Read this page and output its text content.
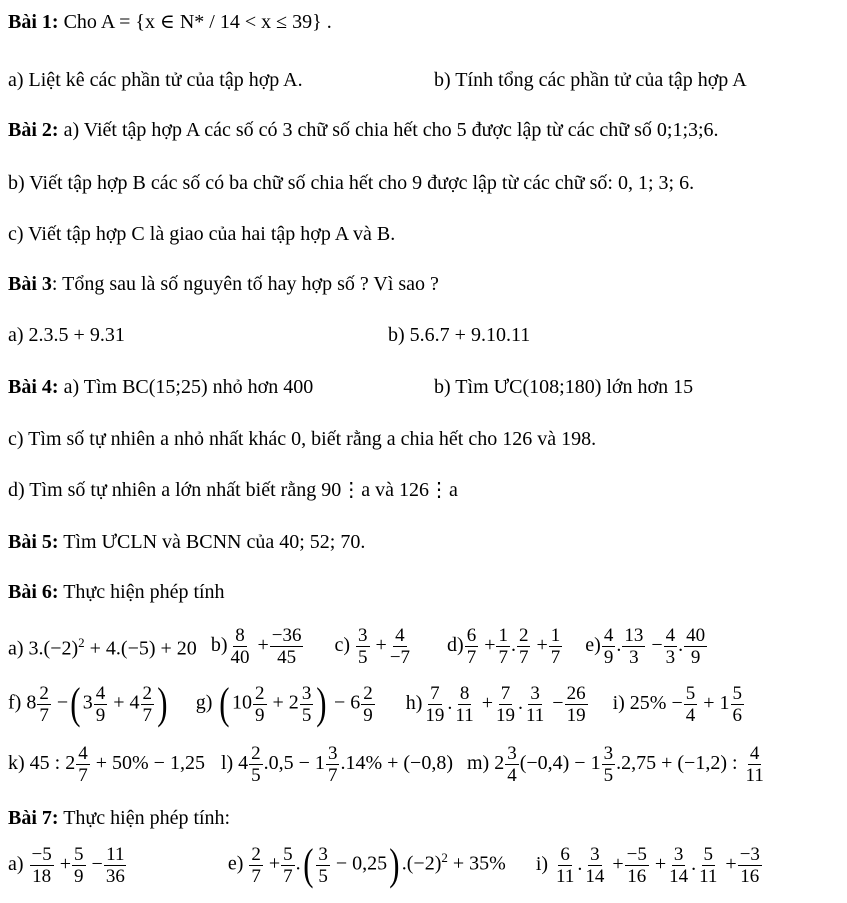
Bài 1: Cho A = {x ∈ N* / 14 < x ≤ 39} .
a) Liệt kê các phần tử của tập hợp A.	b) Tính tổng các phần tử của tập hợp A
Bài 2: a) Viết tập hợp A các số có 3 chữ số chia hết cho 5 được lập từ các chữ số 0;1;3;6.
b) Viết tập hợp B các số có ba chữ số chia hết cho 9 được lập từ các chữ số: 0, 1; 3; 6.
c) Viết tập hợp C là giao của hai tập hợp A và B.
Bài 3: Tổng sau là số nguyên tố hay hợp số ? Vì sao ?
a) 2.3.5 + 9.31	b) 5.6.7 + 9.10.11
Bài 4: a) Tìm BC(15;25) nhỏ hơn 400	b) Tìm ƯC(108;180) lớn hơn 15
c) Tìm số tự nhiên a nhỏ nhất khác 0, biết rằng a chia hết cho 126 và 198.
d) Tìm số tự nhiên a lớn nhất biết rằng 90⋮a và 126⋮a
Bài 5: Tìm ƯCLN và BCNN của 40; 52; 70.
Bài 6: Thực hiện phép tính
a) $3.(-2)^2 + 4.(-5) + 20$ $b) \frac{8}{40} + \frac{-36}{45} c) \frac{3}{5} + \frac{4}{-7} d) \frac{6}{7} + \frac{1}{7}$ . $\frac{2}{7} + \frac{1}{7} e) \frac{4}{9}$ . $\frac{13}{3} - \frac{4}{3}$ . $\frac{40}{9}$
f) $8 \frac{2}{7}$ −( $3 \frac{4}{9} + 4 \frac{2}{7}$ ) g) ( $10 \frac{2}{9} + 2 \frac{3}{5}$ ) − $6 \frac{2}{9} h) \frac{7}{19}$ . $\frac{8}{11} + \frac{7}{19}$ . $\frac{3}{11} - \frac{26}{19} i$) $25\% - \frac{5}{4} + 1 \frac{5}{6}$
k) 45 : $2 \frac{4}{7} + 50\% - 1,25$ l) $4 \frac{2}{5} .0,5 - 1 \frac{3}{7} .14\% + (-0,8)$ m) $2 \frac{3}{4} (-0,4) - 1 \frac{3}{5} .2,75 + (-1,2)$ : $\frac{4}{11}$
Bài 7: Thực hiện phép tính:
$a) \frac{-5}{18} + \frac{5}{9} - \frac{11}{36}$	$e) \frac{2}{7} + \frac{5}{7}$ .( $\frac{3}{5} - 0,25$) $.(-2)^2 + 35\%$ $i) \frac{6}{11}$ . $\frac{3}{14} + \frac{-5}{16} + \frac{3}{14}$ . $\frac{5}{11} + \frac{-3}{16}$
